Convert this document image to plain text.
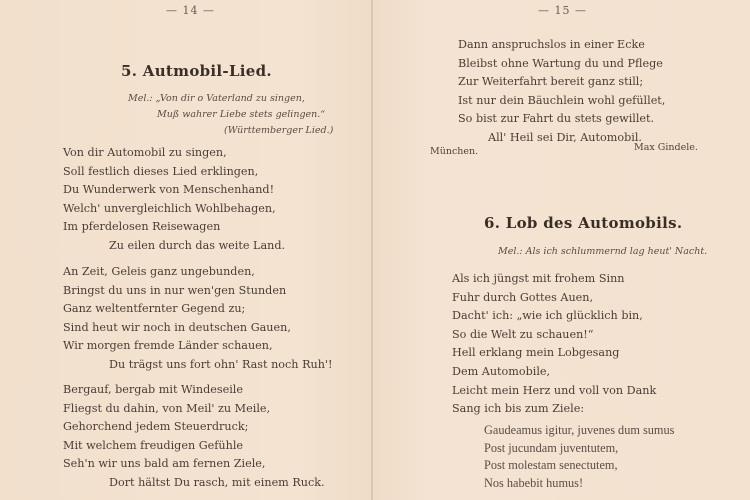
— 14 —
5. Autmobil-Lied.
Mel.: „Von dir o Vaterland zu singen,
Muß wahrer Liebe stets gelingen.“
(Württemberger Lied.)
Von dir Automobil zu singen,
Soll festlich dieses Lied erklingen,
Du Wunderwerk von Menschenhand!
Welch' unvergleichlich Wohlbehagen,
Im pferdelosen Reisewagen
Zu eilen durch das weite Land.
An Zeit, Geleis ganz ungebunden,
Bringst du uns in nur wen'gen Stunden
Ganz weltentfernter Gegend zu;
Sind heut wir noch in deutschen Gauen,
Wir morgen fremde Länder schauen,
Du trägst uns fort ohn' Rast noch Ruh'!
Bergauf, bergab mit Windeseile
Fliegst du dahin, von Meil' zu Meile,
Gehorchend jedem Steuerdruck;
Mit welchem freudigen Gefühle
Seh'n wir uns bald am fernen Ziele,
Dort hältst Du rasch, mit einem Ruck.
— 15 —
Dann anspruchslos in einer Ecke
Bleibst ohne Wartung du und Pflege
Zur Weiterfahrt bereit ganz still;
Ist nur dein Bäuchlein wohl gefüllet,
So bist zur Fahrt du stets gewillet.
All' Heil sei Dir, Automobil.
München.	Max Gindele.
6. Lob des Automobils.
Mel.: Als ich schlummernd lag heut' Nacht.
Als ich jüngst mit frohem Sinn
Fuhr durch Gottes Auen,
Dacht' ich: „wie ich glücklich bin,
So die Welt zu schauen!“
Hell erklang mein Lobgesang
Dem Automobile,
Leicht mein Herz und voll von Dank
Sang ich bis zum Ziele:
Gaudeamus igitur, juvenes dum sumus
Post jucundam juventutem,
Post molestam senectutem,
Nos habebit humus!
